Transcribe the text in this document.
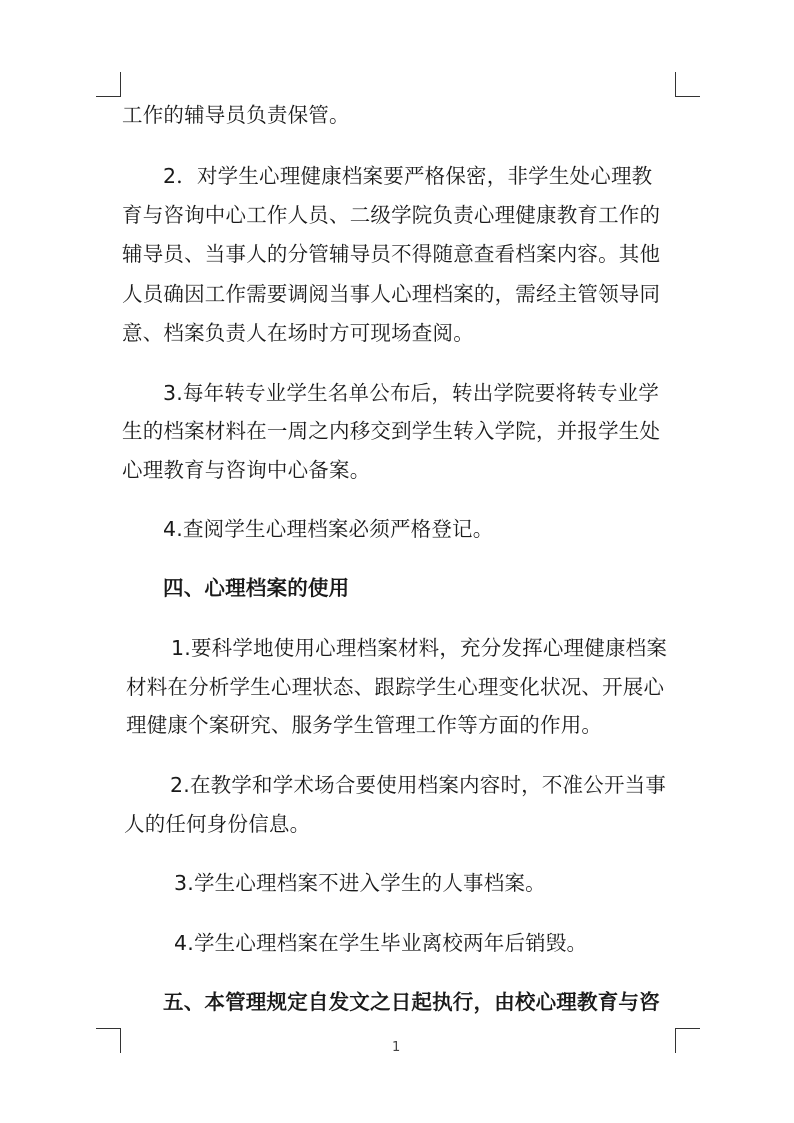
工作的辅导员负责保管。
2．对学生心理健康档案要严格保密，非学生处心理教
育与咨询中心工作人员、二级学院负责心理健康教育工作的
辅导员、当事人的分管辅导员不得随意查看档案内容。其他
人员确因工作需要调阅当事人心理档案的，需经主管领导同
意、档案负责人在场时方可现场查阅。
3.每年转专业学生名单公布后，转出学院要将转专业学
生的档案材料在一周之内移交到学生转入学院，并报学生处
心理教育与咨询中心备案。
4.查阅学生心理档案必须严格登记。
四、心理档案的使用
1.要科学地使用心理档案材料，充分发挥心理健康档案
材料在分析学生心理状态、跟踪学生心理变化状况、开展心
理健康个案研究、服务学生管理工作等方面的作用。
2.在教学和学术场合要使用档案内容时，不准公开当事
人的任何身份信息。
3.学生心理档案不进入学生的人事档案。
4.学生心理档案在学生毕业离校两年后销毁。
五、本管理规定自发文之日起执行，由校心理教育与咨
1
